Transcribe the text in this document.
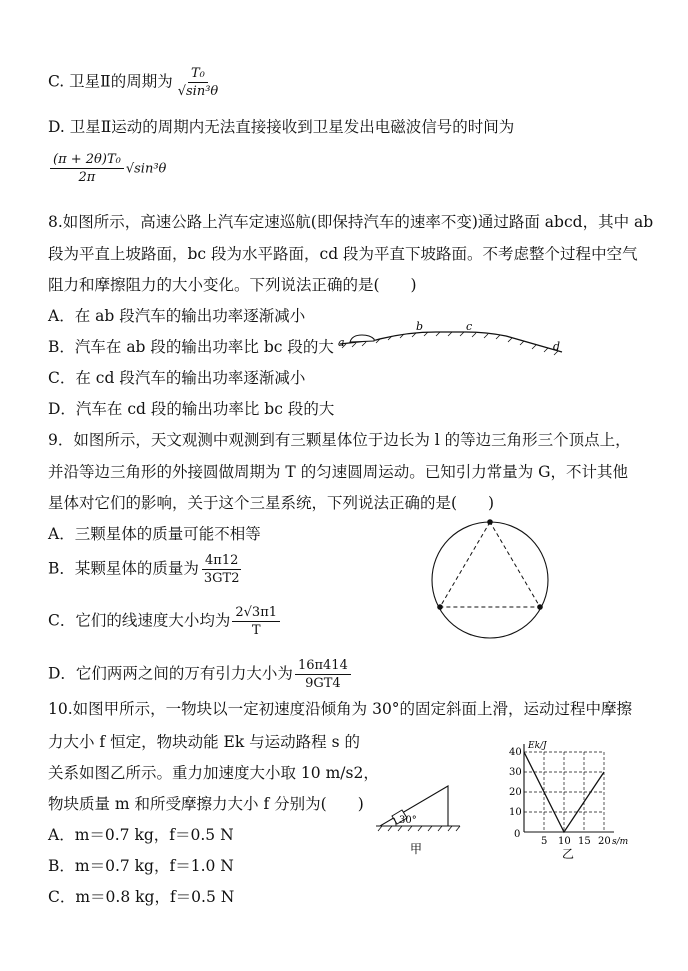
C. 卫星Ⅱ的周期为 $\frac{\text{T₀}}{\text{√sin³θ}}$
D. 卫星Ⅱ运动的周期内无法直接接收到卫星发出电磁波信号的时间为
$\frac{\text{(π + 2θ)T₀}}{2\pi} √\sin^3\theta$
8.如图所示，高速公路上汽车定速巡航(即保持汽车的速率不变)通过路面 abcd，其中 ab
段为平直上坡路面，bc 段为水平路面，cd 段为平直下坡路面。不考虑整个过程中空气
阻力和摩擦阻力的大小变化。下列说法正确的是(　　)
A．在 ab 段汽车的输出功率逐渐减小
B．汽车在 ab 段的输出功率比 bc 段的大
C．在 cd 段汽车的输出功率逐渐减小
D．汽车在 cd 段的输出功率比 bc 段的大
a
b	c
d
9．如图所示，天文观测中观测到有三颗星体位于边长为 l 的等边三角形三个顶点上，
并沿等边三角形的外接圆做周期为 T 的匀速圆周运动。已知引力常量为 G，不计其他
星体对它们的影响，关于这个三星系统，下列说法正确的是(　　)
A．三颗星体的质量可能不相等
B．某颗星体的质量为 $\frac{4\pi 12}{3GT2}$
C．它们的线速度大小均为 $\frac{2√3\pi 1}{T}$
D．它们两两之间的万有引力大小为 $\frac{16\pi 414}{9GT4}$
10.如图甲所示，一物块以一定初速度沿倾角为 30°的固定斜面上滑，运动过程中摩擦
力大小 f 恒定，物块动能 Ek 与运动路程 s 的
关系如图乙所示。重力加速度大小取 10 m/s2，
物块质量 m 和所受摩擦力大小 f 分别为(　　)
A．m＝0.7 kg，f＝0.5 N
B．m＝0.7 kg，f＝1.0 N
C．m＝0.8 kg，f＝0.5 N
30°
甲
Ek/J
40
30
20
10
0
5 10 15 20 s/m
乙
